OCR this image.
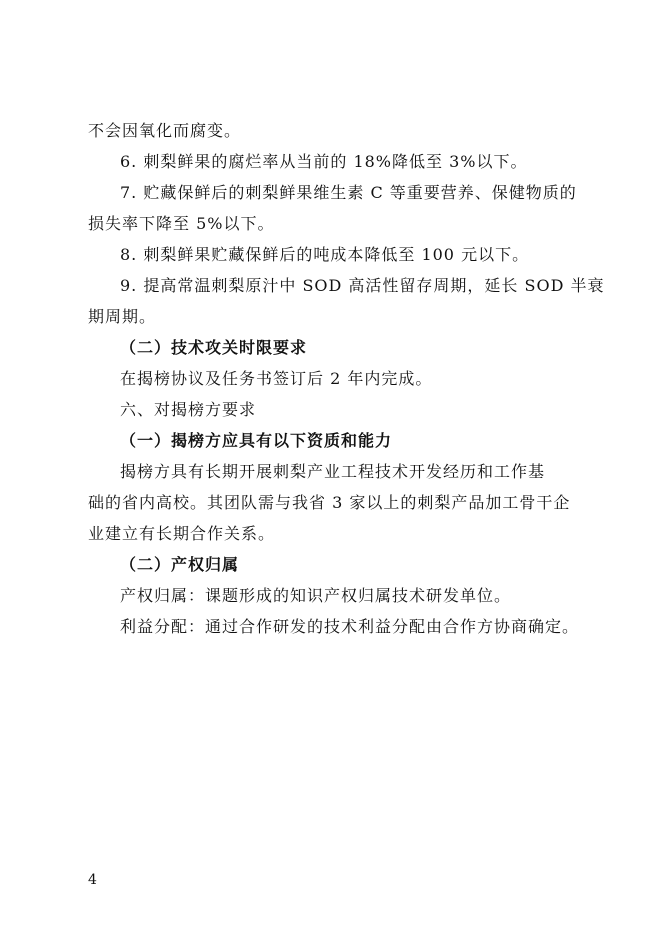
不会因氧化而腐变。
6. 刺梨鲜果的腐烂率从当前的 18%降低至 3%以下。
7. 贮藏保鲜后的刺梨鲜果维生素 C 等重要营养、保健物质的
损失率下降至 5%以下。
8. 刺梨鲜果贮藏保鲜后的吨成本降低至 100 元以下。
9. 提高常温刺梨原汁中 SOD 高活性留存周期，延长 SOD 半衰
期周期。
（二）技术攻关时限要求
在揭榜协议及任务书签订后 2 年内完成。
六、对揭榜方要求
（一）揭榜方应具有以下资质和能力
揭榜方具有长期开展刺梨产业工程技术开发经历和工作基
础的省内高校。其团队需与我省 3 家以上的刺梨产品加工骨干企
业建立有长期合作关系。
（二）产权归属
产权归属：课题形成的知识产权归属技术研发单位。
利益分配：通过合作研发的技术利益分配由合作方协商确定。
4
